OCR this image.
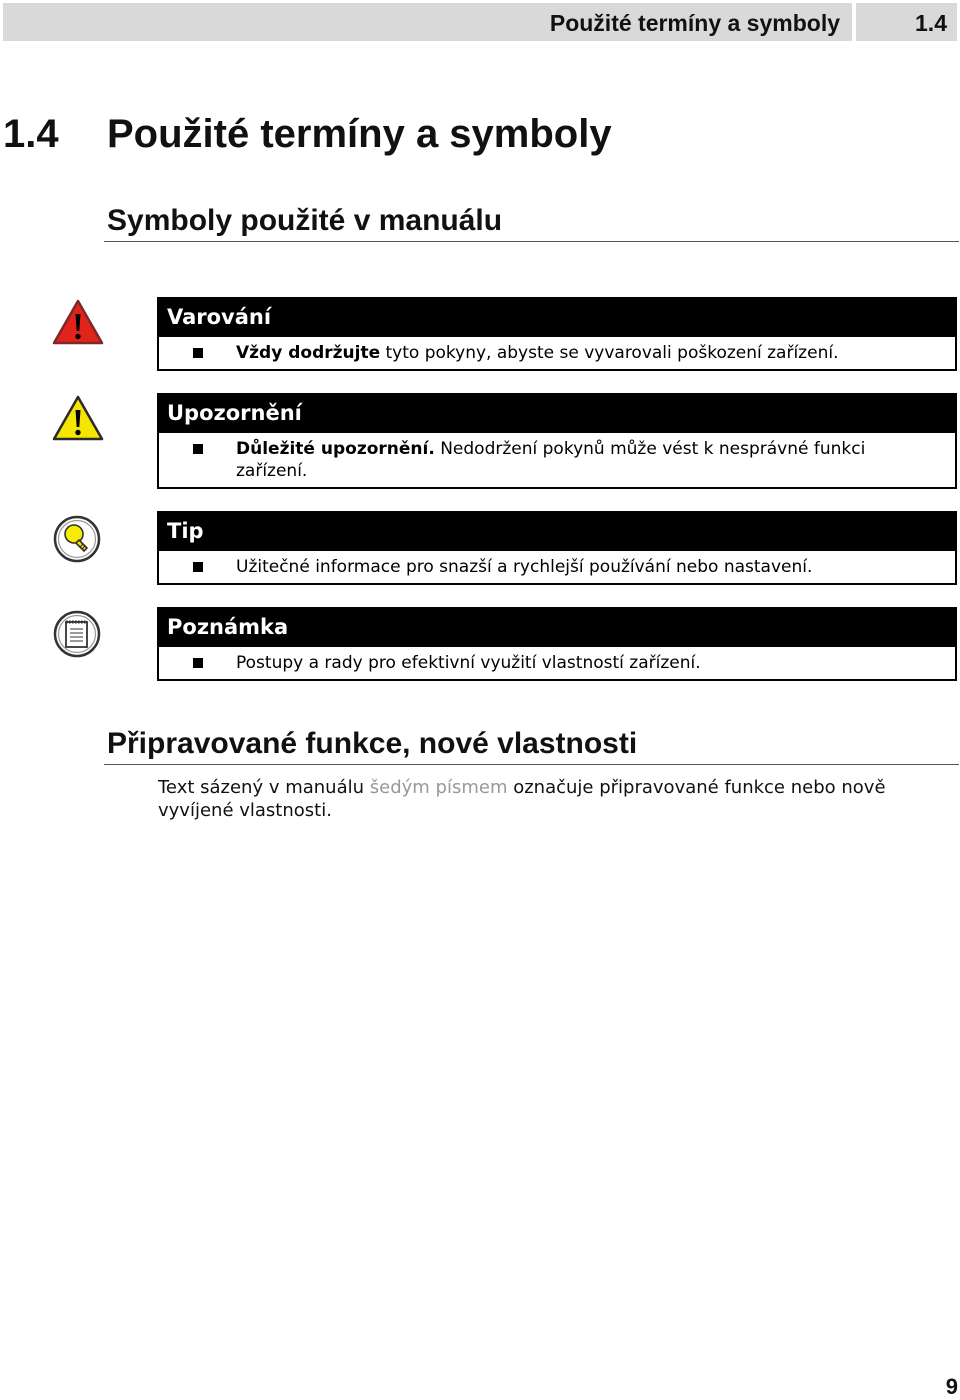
Použité termíny a symboly	1.4
1.4 Použité termíny a symboly
Symboly použité v manuálu
Varování
Vždy dodržujte tyto pokyny, abyste se vyvarovali poškození zařízení.
Upozornění
Důležité upozornění. Nedodržení pokynů může vést k nesprávné funkci zařízení.
Tip
Užitečné informace pro snazší a rychlejší používání nebo nastavení.
Poznámka
Postupy a rady pro efektivní využití vlastností zařízení.
Připravované funkce, nové vlastnosti
Text sázený v manuálu šedým písmem označuje připravované funkce nebo nově vyvíjené vlastnosti.
9
